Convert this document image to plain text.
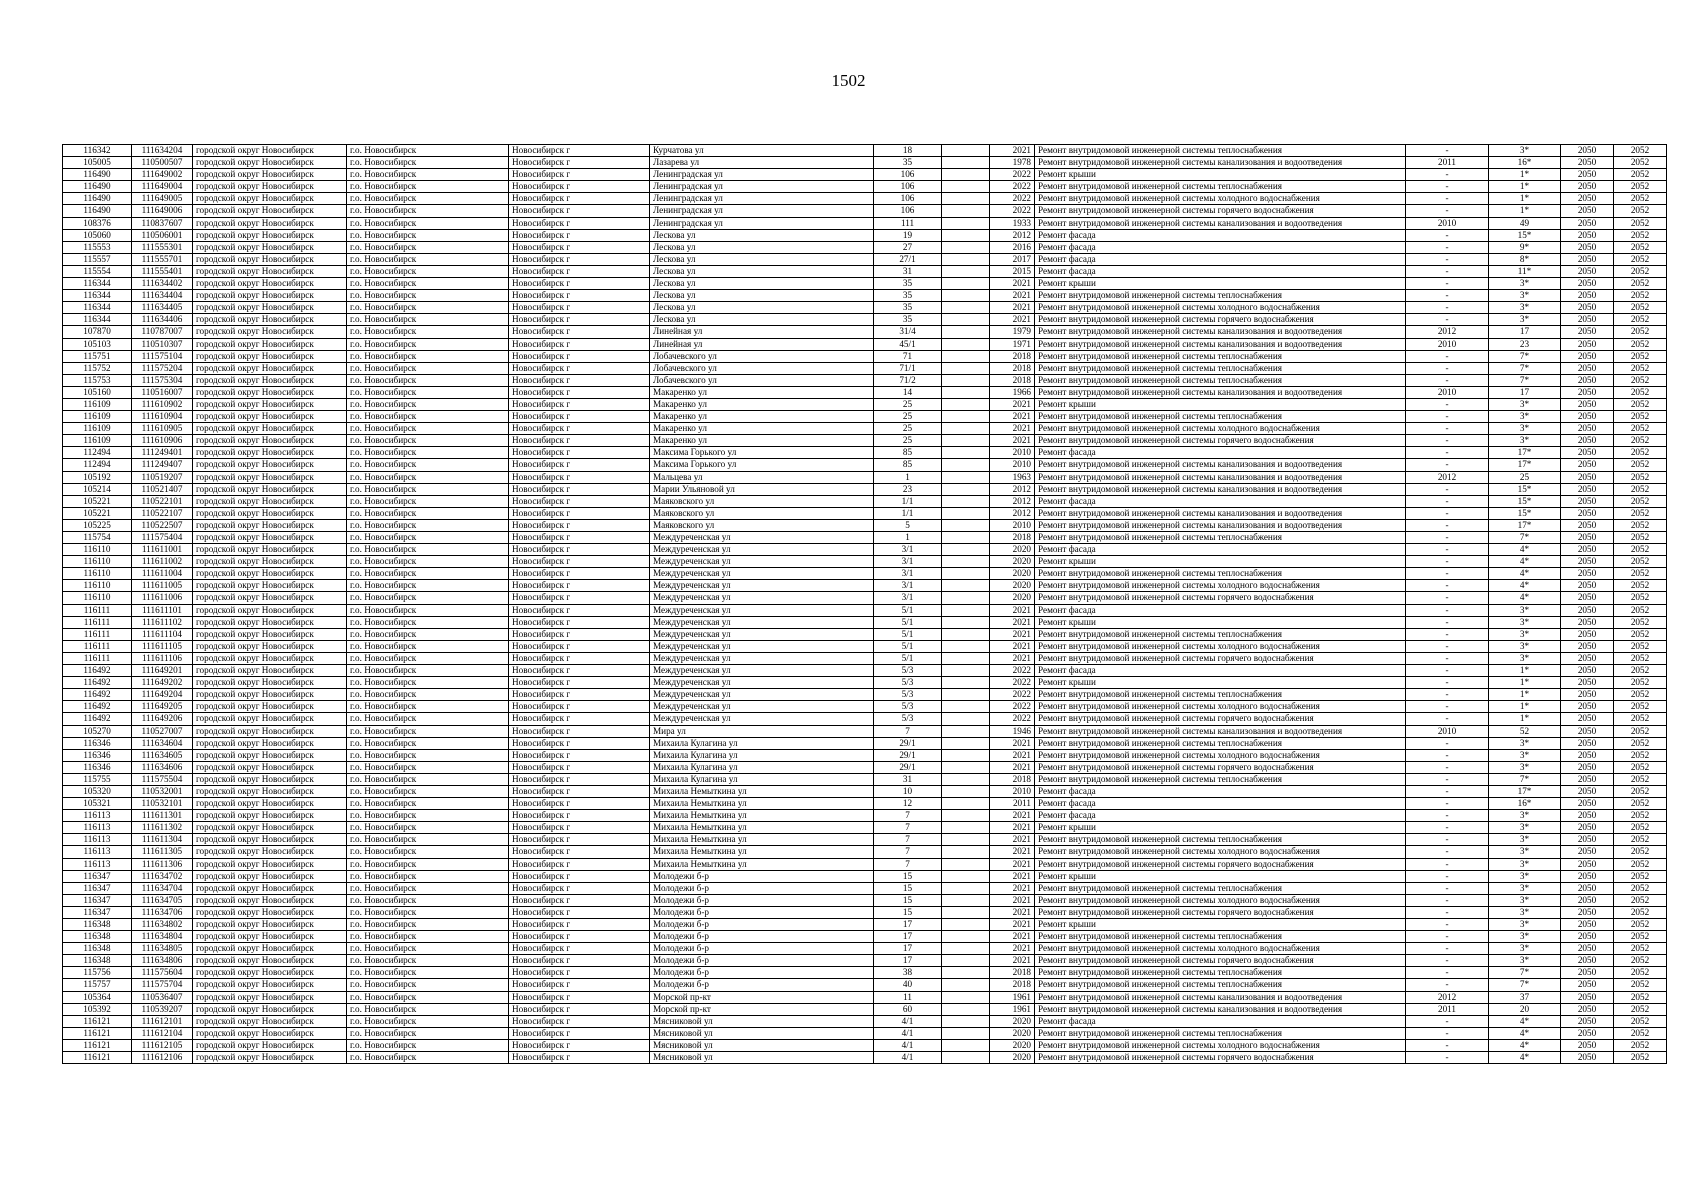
1502
116342	111634204	городской округ Новосибирск	г.о. Новосибирск	Новосибирск г	Курчатова ул	18		2021	Ремонт внутридомовой инженерной системы теплоснабжения	-	3*	2050	2052
105005	110500507	городской округ Новосибирск	г.о. Новосибирск	Новосибирск г	Лазарева ул	35		1978	Ремонт внутридомовой инженерной системы канализования и водоотведения	2011	16*	2050	2052
116490	111649002	городской округ Новосибирск	г.о. Новосибирск	Новосибирск г	Ленинградская ул	106		2022	Ремонт крыши	-	1*	2050	2052
116490	111649004	городской округ Новосибирск	г.о. Новосибирск	Новосибирск г	Ленинградская ул	106		2022	Ремонт внутридомовой инженерной системы теплоснабжения	-	1*	2050	2052
116490	111649005	городской округ Новосибирск	г.о. Новосибирск	Новосибирск г	Ленинградская ул	106		2022	Ремонт внутридомовой инженерной системы холодного водоснабжения	-	1*	2050	2052
116490	111649006	городской округ Новосибирск	г.о. Новосибирск	Новосибирск г	Ленинградская ул	106		2022	Ремонт внутридомовой инженерной системы горячего водоснабжения	-	1*	2050	2052
108376	110837607	городской округ Новосибирск	г.о. Новосибирск	Новосибирск г	Ленинградская ул	111		1933	Ремонт внутридомовой инженерной системы канализования и водоотведения	2010	49	2050	2052
105060	110506001	городской округ Новосибирск	г.о. Новосибирск	Новосибирск г	Лескова ул	19		2012	Ремонт фасада	-	15*	2050	2052
115553	111555301	городской округ Новосибирск	г.о. Новосибирск	Новосибирск г	Лескова ул	27		2016	Ремонт фасада	-	9*	2050	2052
115557	111555701	городской округ Новосибирск	г.о. Новосибирск	Новосибирск г	Лескова ул	27/1		2017	Ремонт фасада	-	8*	2050	2052
115554	111555401	городской округ Новосибирск	г.о. Новосибирск	Новосибирск г	Лескова ул	31		2015	Ремонт фасада	-	11*	2050	2052
116344	111634402	городской округ Новосибирск	г.о. Новосибирск	Новосибирск г	Лескова ул	35		2021	Ремонт крыши	-	3*	2050	2052
116344	111634404	городской округ Новосибирск	г.о. Новосибирск	Новосибирск г	Лескова ул	35		2021	Ремонт внутридомовой инженерной системы теплоснабжения	-	3*	2050	2052
116344	111634405	городской округ Новосибирск	г.о. Новосибирск	Новосибирск г	Лескова ул	35		2021	Ремонт внутридомовой инженерной системы холодного водоснабжения	-	3*	2050	2052
116344	111634406	городской округ Новосибирск	г.о. Новосибирск	Новосибирск г	Лескова ул	35		2021	Ремонт внутридомовой инженерной системы горячего водоснабжения	-	3*	2050	2052
107870	110787007	городской округ Новосибирск	г.о. Новосибирск	Новосибирск г	Линейная ул	31/4		1979	Ремонт внутридомовой инженерной системы канализования и водоотведения	2012	17	2050	2052
105103	110510307	городской округ Новосибирск	г.о. Новосибирск	Новосибирск г	Линейная ул	45/1		1971	Ремонт внутридомовой инженерной системы канализования и водоотведения	2010	23	2050	2052
115751	111575104	городской округ Новосибирск	г.о. Новосибирск	Новосибирск г	Лобачевского ул	71		2018	Ремонт внутридомовой инженерной системы теплоснабжения	-	7*	2050	2052
115752	111575204	городской округ Новосибирск	г.о. Новосибирск	Новосибирск г	Лобачевского ул	71/1		2018	Ремонт внутридомовой инженерной системы теплоснабжения	-	7*	2050	2052
115753	111575304	городской округ Новосибирск	г.о. Новосибирск	Новосибирск г	Лобачевского ул	71/2		2018	Ремонт внутридомовой инженерной системы теплоснабжения	-	7*	2050	2052
105160	110516007	городской округ Новосибирск	г.о. Новосибирск	Новосибирск г	Макаренко ул	14		1966	Ремонт внутридомовой инженерной системы канализования и водоотведения	2010	17	2050	2052
116109	111610902	городской округ Новосибирск	г.о. Новосибирск	Новосибирск г	Макаренко ул	25		2021	Ремонт крыши	-	3*	2050	2052
116109	111610904	городской округ Новосибирск	г.о. Новосибирск	Новосибирск г	Макаренко ул	25		2021	Ремонт внутридомовой инженерной системы теплоснабжения	-	3*	2050	2052
116109	111610905	городской округ Новосибирск	г.о. Новосибирск	Новосибирск г	Макаренко ул	25		2021	Ремонт внутридомовой инженерной системы холодного водоснабжения	-	3*	2050	2052
116109	111610906	городской округ Новосибирск	г.о. Новосибирск	Новосибирск г	Макаренко ул	25		2021	Ремонт внутридомовой инженерной системы горячего водоснабжения	-	3*	2050	2052
112494	111249401	городской округ Новосибирск	г.о. Новосибирск	Новосибирск г	Максима Горького ул	85		2010	Ремонт фасада	-	17*	2050	2052
112494	111249407	городской округ Новосибирск	г.о. Новосибирск	Новосибирск г	Максима Горького ул	85		2010	Ремонт внутридомовой инженерной системы канализования и водоотведения	-	17*	2050	2052
105192	110519207	городской округ Новосибирск	г.о. Новосибирск	Новосибирск г	Мальцева ул	1		1963	Ремонт внутридомовой инженерной системы канализования и водоотведения	2012	25	2050	2052
105214	110521407	городской округ Новосибирск	г.о. Новосибирск	Новосибирск г	Марии Ульяновой ул	23		2012	Ремонт внутридомовой инженерной системы канализования и водоотведения	-	15*	2050	2052
105221	110522101	городской округ Новосибирск	г.о. Новосибирск	Новосибирск г	Маяковского ул	1/1		2012	Ремонт фасада	-	15*	2050	2052
105221	110522107	городской округ Новосибирск	г.о. Новосибирск	Новосибирск г	Маяковского ул	1/1		2012	Ремонт внутридомовой инженерной системы канализования и водоотведения	-	15*	2050	2052
105225	110522507	городской округ Новосибирск	г.о. Новосибирск	Новосибирск г	Маяковского ул	5		2010	Ремонт внутридомовой инженерной системы канализования и водоотведения	-	17*	2050	2052
115754	111575404	городской округ Новосибирск	г.о. Новосибирск	Новосибирск г	Междуреченская ул	1		2018	Ремонт внутридомовой инженерной системы теплоснабжения	-	7*	2050	2052
116110	111611001	городской округ Новосибирск	г.о. Новосибирск	Новосибирск г	Междуреченская ул	3/1		2020	Ремонт фасада	-	4*	2050	2052
116110	111611002	городской округ Новосибирск	г.о. Новосибирск	Новосибирск г	Междуреченская ул	3/1		2020	Ремонт крыши	-	4*	2050	2052
116110	111611004	городской округ Новосибирск	г.о. Новосибирск	Новосибирск г	Междуреченская ул	3/1		2020	Ремонт внутридомовой инженерной системы теплоснабжения	-	4*	2050	2052
116110	111611005	городской округ Новосибирск	г.о. Новосибирск	Новосибирск г	Междуреченская ул	3/1		2020	Ремонт внутридомовой инженерной системы холодного водоснабжения	-	4*	2050	2052
116110	111611006	городской округ Новосибирск	г.о. Новосибирск	Новосибирск г	Междуреченская ул	3/1		2020	Ремонт внутридомовой инженерной системы горячего водоснабжения	-	4*	2050	2052
116111	111611101	городской округ Новосибирск	г.о. Новосибирск	Новосибирск г	Междуреченская ул	5/1		2021	Ремонт фасада	-	3*	2050	2052
116111	111611102	городской округ Новосибирск	г.о. Новосибирск	Новосибирск г	Междуреченская ул	5/1		2021	Ремонт крыши	-	3*	2050	2052
116111	111611104	городской округ Новосибирск	г.о. Новосибирск	Новосибирск г	Междуреченская ул	5/1		2021	Ремонт внутридомовой инженерной системы теплоснабжения	-	3*	2050	2052
116111	111611105	городской округ Новосибирск	г.о. Новосибирск	Новосибирск г	Междуреченская ул	5/1		2021	Ремонт внутридомовой инженерной системы холодного водоснабжения	-	3*	2050	2052
116111	111611106	городской округ Новосибирск	г.о. Новосибирск	Новосибирск г	Междуреченская ул	5/1		2021	Ремонт внутридомовой инженерной системы горячего водоснабжения	-	3*	2050	2052
116492	111649201	городской округ Новосибирск	г.о. Новосибирск	Новосибирск г	Междуреченская ул	5/3		2022	Ремонт фасада	-	1*	2050	2052
116492	111649202	городской округ Новосибирск	г.о. Новосибирск	Новосибирск г	Междуреченская ул	5/3		2022	Ремонт крыши	-	1*	2050	2052
116492	111649204	городской округ Новосибирск	г.о. Новосибирск	Новосибирск г	Междуреченская ул	5/3		2022	Ремонт внутридомовой инженерной системы теплоснабжения	-	1*	2050	2052
116492	111649205	городской округ Новосибирск	г.о. Новосибирск	Новосибирск г	Междуреченская ул	5/3		2022	Ремонт внутридомовой инженерной системы холодного водоснабжения	-	1*	2050	2052
116492	111649206	городской округ Новосибирск	г.о. Новосибирск	Новосибирск г	Междуреченская ул	5/3		2022	Ремонт внутридомовой инженерной системы горячего водоснабжения	-	1*	2050	2052
105270	110527007	городской округ Новосибирск	г.о. Новосибирск	Новосибирск г	Мира ул	7		1946	Ремонт внутридомовой инженерной системы канализования и водоотведения	2010	52	2050	2052
116346	111634604	городской округ Новосибирск	г.о. Новосибирск	Новосибирск г	Михаила Кулагина ул	29/1		2021	Ремонт внутридомовой инженерной системы теплоснабжения	-	3*	2050	2052
116346	111634605	городской округ Новосибирск	г.о. Новосибирск	Новосибирск г	Михаила Кулагина ул	29/1		2021	Ремонт внутридомовой инженерной системы холодного водоснабжения	-	3*	2050	2052
116346	111634606	городской округ Новосибирск	г.о. Новосибирск	Новосибирск г	Михаила Кулагина ул	29/1		2021	Ремонт внутридомовой инженерной системы горячего водоснабжения	-	3*	2050	2052
115755	111575504	городской округ Новосибирск	г.о. Новосибирск	Новосибирск г	Михаила Кулагина ул	31		2018	Ремонт внутридомовой инженерной системы теплоснабжения	-	7*	2050	2052
105320	110532001	городской округ Новосибирск	г.о. Новосибирск	Новосибирск г	Михаила Немыткина ул	10		2010	Ремонт фасада	-	17*	2050	2052
105321	110532101	городской округ Новосибирск	г.о. Новосибирск	Новосибирск г	Михаила Немыткина ул	12		2011	Ремонт фасада	-	16*	2050	2052
116113	111611301	городской округ Новосибирск	г.о. Новосибирск	Новосибирск г	Михаила Немыткина ул	7		2021	Ремонт фасада	-	3*	2050	2052
116113	111611302	городской округ Новосибирск	г.о. Новосибирск	Новосибирск г	Михаила Немыткина ул	7		2021	Ремонт крыши	-	3*	2050	2052
116113	111611304	городской округ Новосибирск	г.о. Новосибирск	Новосибирск г	Михаила Немыткина ул	7		2021	Ремонт внутридомовой инженерной системы теплоснабжения	-	3*	2050	2052
116113	111611305	городской округ Новосибирск	г.о. Новосибирск	Новосибирск г	Михаила Немыткина ул	7		2021	Ремонт внутридомовой инженерной системы холодного водоснабжения	-	3*	2050	2052
116113	111611306	городской округ Новосибирск	г.о. Новосибирск	Новосибирск г	Михаила Немыткина ул	7		2021	Ремонт внутридомовой инженерной системы горячего водоснабжения	-	3*	2050	2052
116347	111634702	городской округ Новосибирск	г.о. Новосибирск	Новосибирск г	Молодежи б-р	15		2021	Ремонт крыши	-	3*	2050	2052
116347	111634704	городской округ Новосибирск	г.о. Новосибирск	Новосибирск г	Молодежи б-р	15		2021	Ремонт внутридомовой инженерной системы теплоснабжения	-	3*	2050	2052
116347	111634705	городской округ Новосибирск	г.о. Новосибирск	Новосибирск г	Молодежи б-р	15		2021	Ремонт внутридомовой инженерной системы холодного водоснабжения	-	3*	2050	2052
116347	111634706	городской округ Новосибирск	г.о. Новосибирск	Новосибирск г	Молодежи б-р	15		2021	Ремонт внутридомовой инженерной системы горячего водоснабжения	-	3*	2050	2052
116348	111634802	городской округ Новосибирск	г.о. Новосибирск	Новосибирск г	Молодежи б-р	17		2021	Ремонт крыши	-	3*	2050	2052
116348	111634804	городской округ Новосибирск	г.о. Новосибирск	Новосибирск г	Молодежи б-р	17		2021	Ремонт внутридомовой инженерной системы теплоснабжения	-	3*	2050	2052
116348	111634805	городской округ Новосибирск	г.о. Новосибирск	Новосибирск г	Молодежи б-р	17		2021	Ремонт внутридомовой инженерной системы холодного водоснабжения	-	3*	2050	2052
116348	111634806	городской округ Новосибирск	г.о. Новосибирск	Новосибирск г	Молодежи б-р	17		2021	Ремонт внутридомовой инженерной системы горячего водоснабжения	-	3*	2050	2052
115756	111575604	городской округ Новосибирск	г.о. Новосибирск	Новосибирск г	Молодежи б-р	38		2018	Ремонт внутридомовой инженерной системы теплоснабжения	-	7*	2050	2052
115757	111575704	городской округ Новосибирск	г.о. Новосибирск	Новосибирск г	Молодежи б-р	40		2018	Ремонт внутридомовой инженерной системы теплоснабжения	-	7*	2050	2052
105364	110536407	городской округ Новосибирск	г.о. Новосибирск	Новосибирск г	Морской пр-кт	11		1961	Ремонт внутридомовой инженерной системы канализования и водоотведения	2012	37	2050	2052
105392	110539207	городской округ Новосибирск	г.о. Новосибирск	Новосибирск г	Морской пр-кт	60		1961	Ремонт внутридомовой инженерной системы канализования и водоотведения	2011	20	2050	2052
116121	111612101	городской округ Новосибирск	г.о. Новосибирск	Новосибирск г	Мясниковой ул	4/1		2020	Ремонт фасада	-	4*	2050	2052
116121	111612104	городской округ Новосибирск	г.о. Новосибирск	Новосибирск г	Мясниковой ул	4/1		2020	Ремонт внутридомовой инженерной системы теплоснабжения	-	4*	2050	2052
116121	111612105	городской округ Новосибирск	г.о. Новосибирск	Новосибирск г	Мясниковой ул	4/1		2020	Ремонт внутридомовой инженерной системы холодного водоснабжения	-	4*	2050	2052
116121	111612106	городской округ Новосибирск	г.о. Новосибирск	Новосибирск г	Мясниковой ул	4/1		2020	Ремонт внутридомовой инженерной системы горячего водоснабжения	-	4*	2050	2052
